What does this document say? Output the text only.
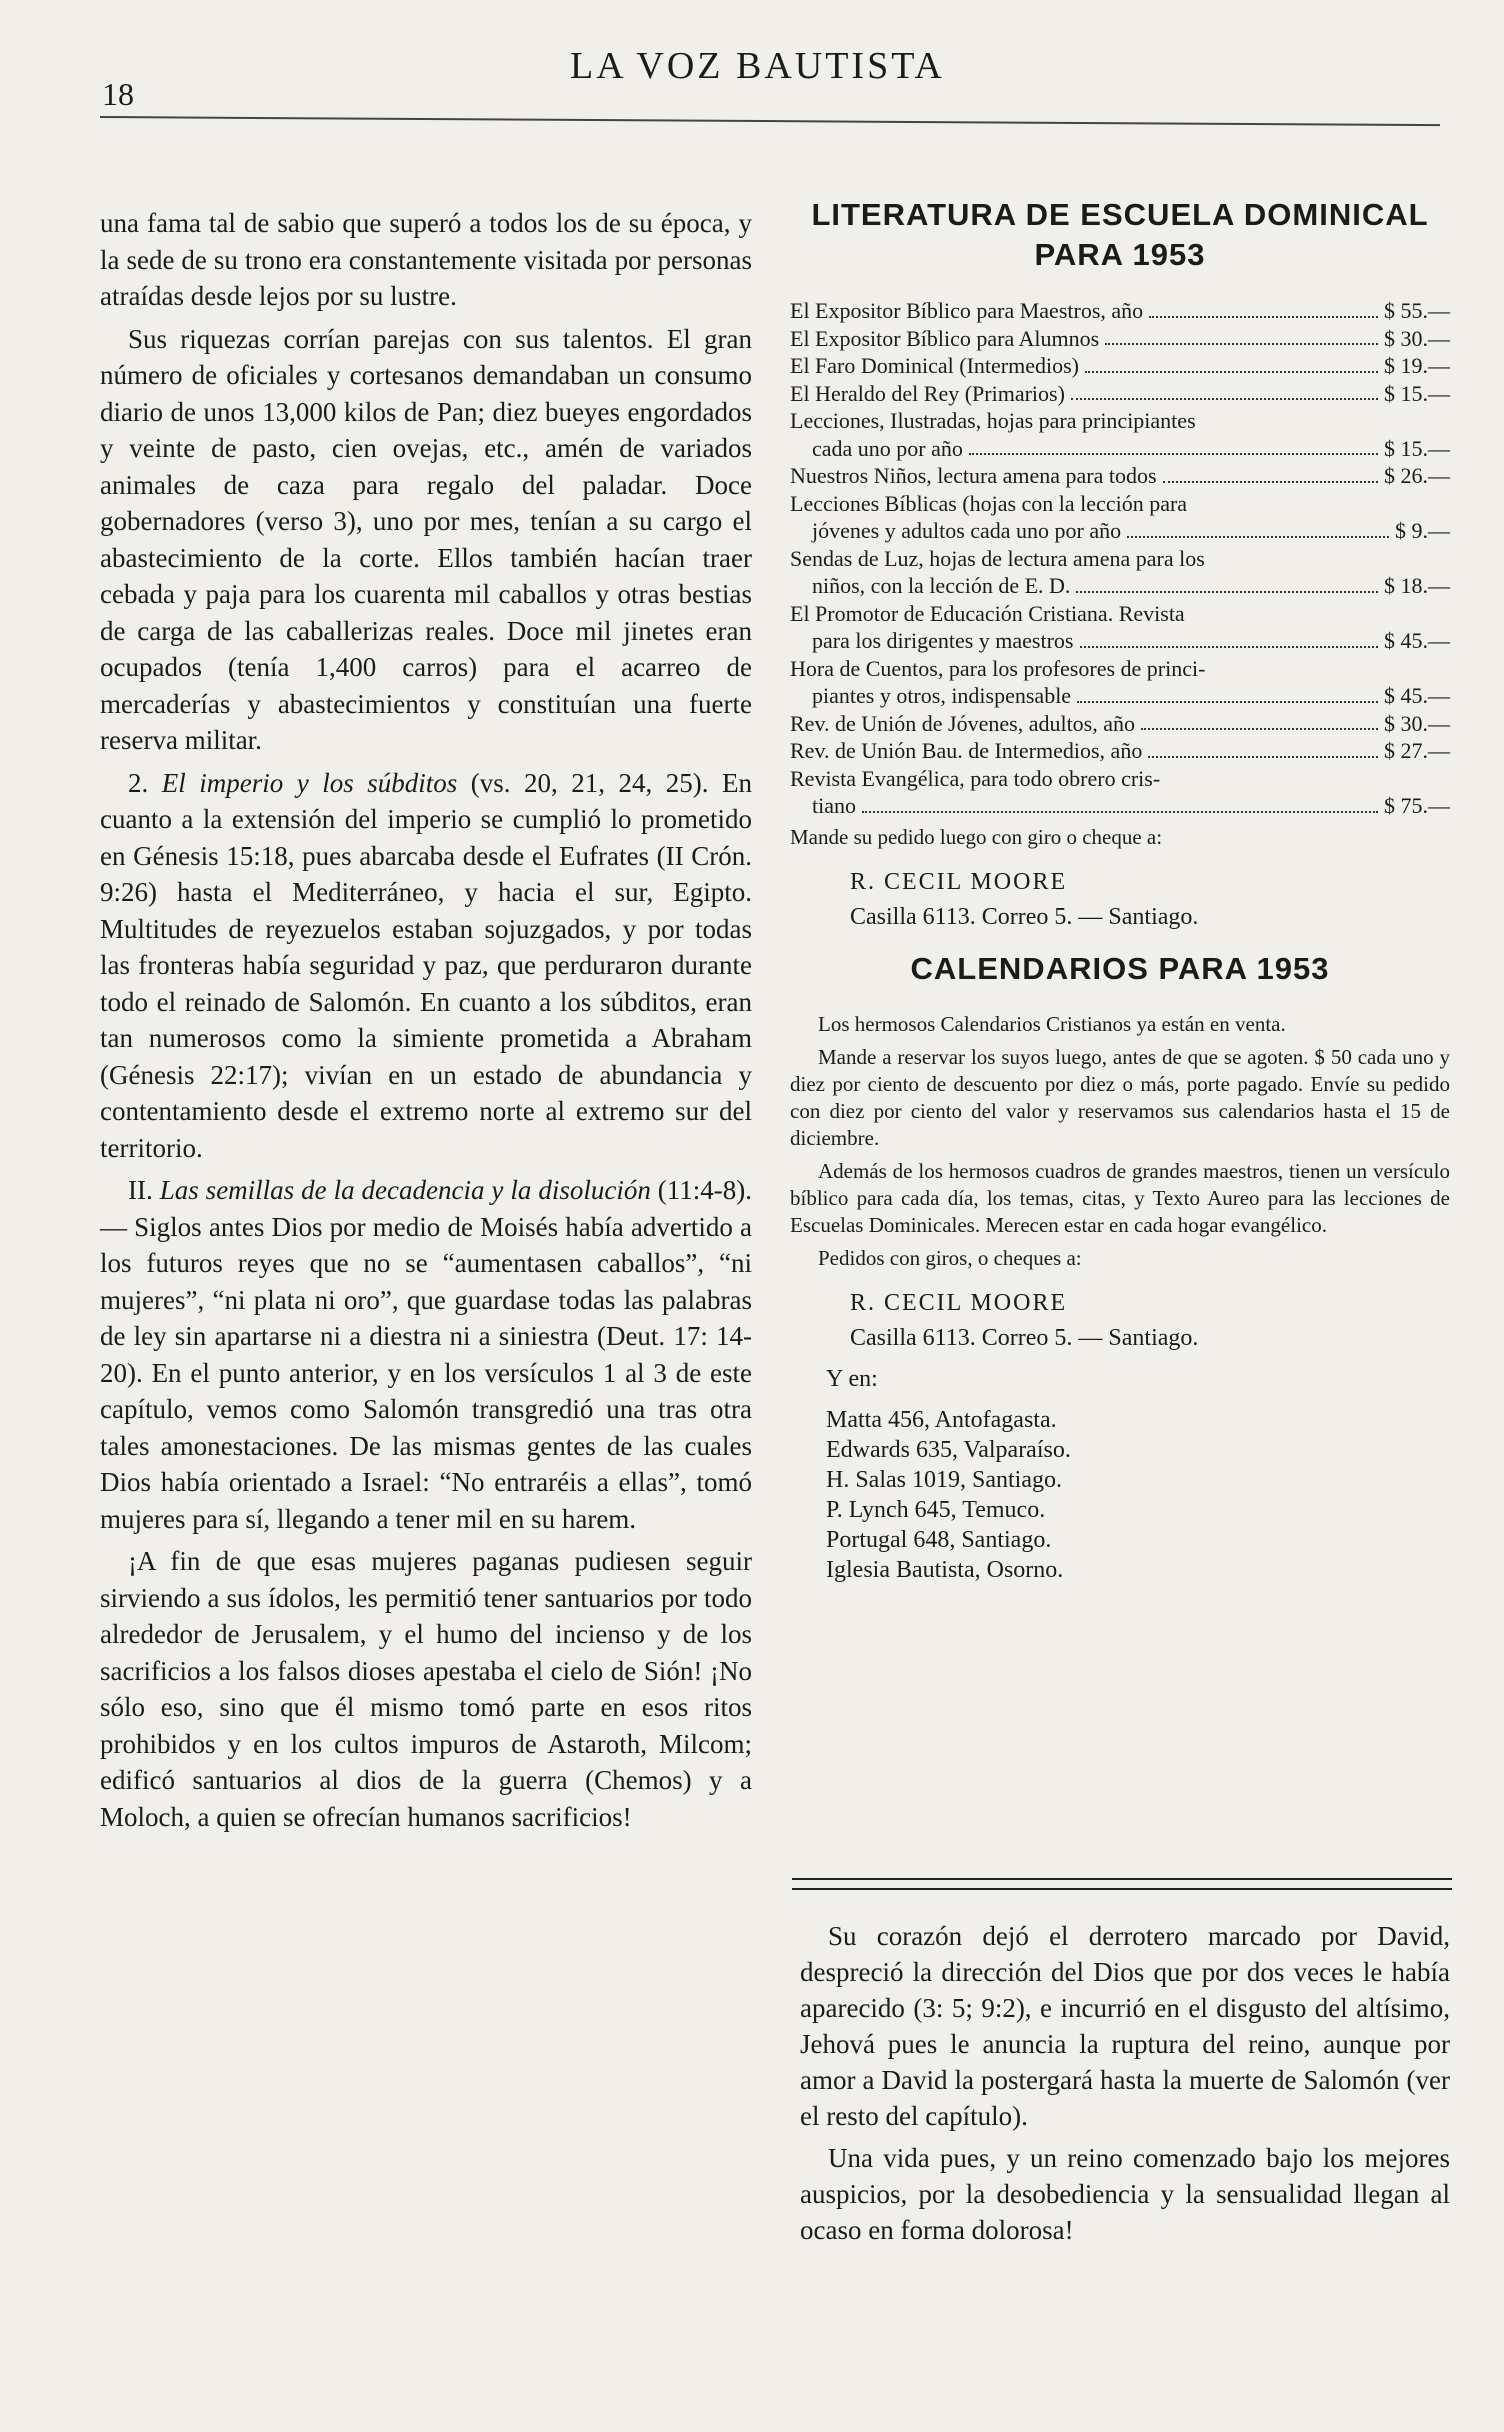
18
LA VOZ BAUTISTA

una fama tal de sabio que superó a todos los de su época, y la sede de su trono era constantemente visitada por personas atraídas desde lejos por su lustre.

Sus riquezas corrían parejas con sus talentos. El gran número de oficiales y cortesanos demandaban un consumo diario de unos 13,000 kilos de Pan; diez bueyes engordados y veinte de pasto, cien ovejas, etc., amén de variados animales de caza para regalo del paladar. Doce gobernadores (verso 3), uno por mes, tenían a su cargo el abastecimiento de la corte. Ellos también hacían traer cebada y paja para los cuarenta mil caballos y otras bestias de carga de las caballerizas reales. Doce mil jinetes eran ocupados (tenía 1,400 carros) para el acarreo de mercaderías y abastecimientos y constituían una fuerte reserva militar.

2. El imperio y los súbditos (vs. 20, 21, 24, 25). En cuanto a la extensión del imperio se cumplió lo prometido en Génesis 15:18, pues abarcaba desde el Eufrates (II Crón. 9:26) hasta el Mediterráneo, y hacia el sur, Egipto. Multitudes de reyezuelos estaban sojuzgados, y por todas las fronteras había seguridad y paz, que perduraron durante todo el reinado de Salomón. En cuanto a los súbditos, eran tan numerosos como la simiente prometida a Abraham (Génesis 22:17); vivían en un estado de abundancia y contentamiento desde el extremo norte al extremo sur del territorio.

II. Las semillas de la decadencia y la disolución (11:4-8). — Siglos antes Dios por medio de Moisés había advertido a los futuros reyes que no se “aumentasen caballos”, “ni mujeres”, “ni plata ni oro”, que guardase todas las palabras de ley sin apartarse ni a diestra ni a siniestra (Deut. 17: 14-20). En el punto anterior, y en los versículos 1 al 3 de este capítulo, vemos como Salomón transgredió una tras otra tales amonestaciones. De las mismas gentes de las cuales Dios había orientado a Israel: “No entraréis a ellas”, tomó mujeres para sí, llegando a tener mil en su harem.

¡A fin de que esas mujeres paganas pudiesen seguir sirviendo a sus ídolos, les permitió tener santuarios por todo alrededor de Jerusalem, y el humo del incienso y de los sacrificios a los falsos dioses apestaba el cielo de Sión! ¡No sólo eso, sino que él mismo tomó parte en esos ritos prohibidos y en los cultos impuros de Astaroth, Milcom; edificó santuarios al dios de la guerra (Chemos) y a Moloch, a quien se ofrecían humanos sacrificios!

LITERATURA DE ESCUELA DOMINICAL PARA 1953
El Expositor Bíblico para Maestros, año	$ 55.—
El Expositor Bíblico para Alumnos	$ 30.—
El Faro Dominical (Intermedios)	$ 19.—
El Heraldo del Rey (Primarios)	$ 15.—
Lecciones, Ilustradas, hojas para principiantes
cada uno por año	$ 15.—
Nuestros Niños, lectura amena para todos	$ 26.—
Lecciones Bíblicas (hojas con la lección para
jóvenes y adultos cada uno por año	$ 9.—
Sendas de Luz, hojas de lectura amena para los
niños, con la lección de E. D.	$ 18.—
El Promotor de Educación Cristiana. Revista
para los dirigentes y maestros	$ 45.—
Hora de Cuentos, para los profesores de princi-
piantes y otros, indispensable	$ 45.—
Rev. de Unión de Jóvenes, adultos, año	$ 30.—
Rev. de Unión Bau. de Intermedios, año	$ 27.—
Revista Evangélica, para todo obrero cris-
tiano	$ 75.—

Mande su pedido luego con giro o cheque a:

R. CECIL MOORE
Casilla 6113. Correo 5. — Santiago.
CALENDARIOS PARA 1953

Los hermosos Calendarios Cristianos ya están en venta.

Mande a reservar los suyos luego, antes de que se agoten. $ 50 cada uno y diez por ciento de descuento por diez o más, porte pagado. Envíe su pedido con diez por ciento del valor y reservamos sus calendarios hasta el 15 de diciembre.

Además de los hermosos cuadros de grandes maestros, tienen un versículo bíblico para cada día, los temas, citas, y Texto Aureo para las lecciones de Escuelas Dominicales. Merecen estar en cada hogar evangélico.

Pedidos con giros, o cheques a:

R. CECIL MOORE
Casilla 6113. Correo 5. — Santiago.
Y en:
Matta 456, Antofagasta.
Edwards 635, Valparaíso.
H. Salas 1019, Santiago.
P. Lynch 645, Temuco.
Portugal 648, Santiago.
Iglesia Bautista, Osorno.

Su corazón dejó el derrotero marcado por David, despreció la dirección del Dios que por dos veces le había aparecido (3: 5; 9:2), e incurrió en el disgusto del altísimo, Jehová pues le anuncia la ruptura del reino, aunque por amor a David la postergará hasta la muerte de Salomón (ver el resto del capítulo).

Una vida pues, y un reino comenzado bajo los mejores auspicios, por la desobediencia y la sensualidad llegan al ocaso en forma dolorosa!
